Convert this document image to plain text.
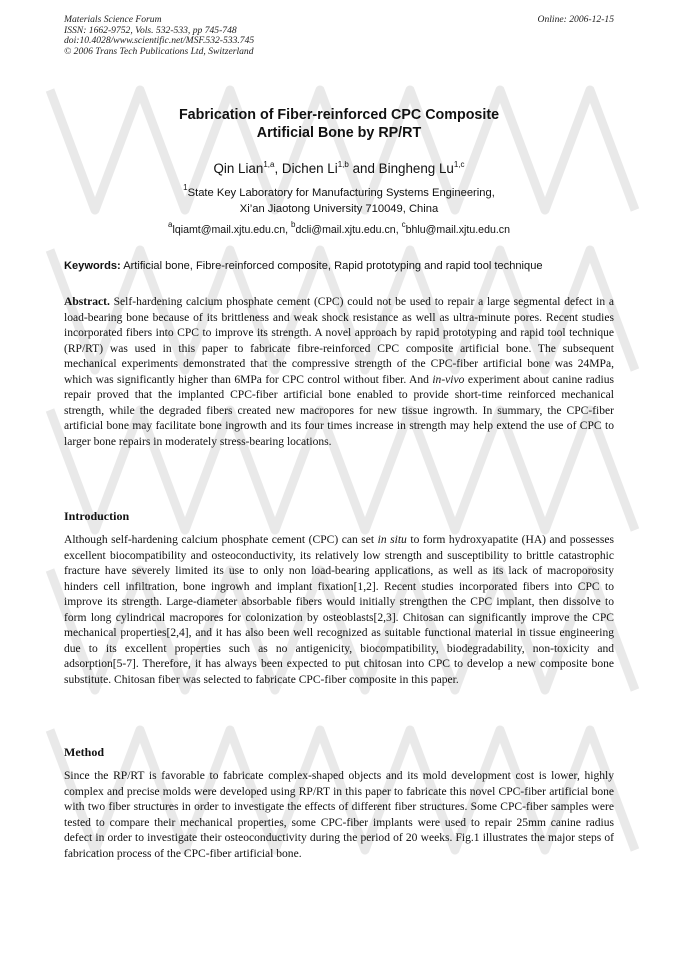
Materials Science Forum
ISSN: 1662-9752, Vols. 532-533, pp 745-748
doi:10.4028/www.scientific.net/MSF.532-533.745
© 2006 Trans Tech Publications Ltd, Switzerland
Online: 2006-12-15
Fabrication of Fiber-reinforced CPC Composite
Artificial Bone by RP/RT
Qin Lian$^{1,a}$, Dichen Li$^{1,b}$ and Bingheng Lu$^{1,c}$
$^1$State Key Laboratory for Manufacturing Systems Engineering,
Xi’an Jiaotong University 710049, China
$^a$lqiamt@mail.xjtu.edu.cn, $^b$dcli@mail.xjtu.edu.cn, $^c$bhlu@mail.xjtu.edu.cn
Keywords: Artificial bone, Fibre-reinforced composite, Rapid prototyping and rapid tool technique
Abstract. Self-hardening calcium phosphate cement (CPC) could not be used to repair a large segmental defect in a load-bearing bone because of its brittleness and weak shock resistance as well as ultra-minute pores. Recent studies incorporated fibers into CPC to improve its strength. A novel approach by rapid prototyping and rapid tool technique (RP/RT) was used in this paper to fabricate fibre-reinforced CPC composite artificial bone. The subsequent mechanical experiments demonstrated that the compressive strength of the CPC-fiber artificial bone was 24MPa, which was significantly higher than 6MPa for CPC control without fiber. And in-vivo experiment about canine radius repair proved that the implanted CPC-fiber artificial bone enabled to provide short-time reinforced mechanical strength, while the degraded fibers created new macropores for new tissue ingrowth. In summary, the CPC-fiber artificial bone may facilitate bone ingrowth and its four times increase in strength may help extend the use of CPC to larger bone repairs in moderately stress-bearing locations.
Introduction
Although self-hardening calcium phosphate cement (CPC) can set in situ to form hydroxyapatite (HA) and possesses excellent biocompatibility and osteoconductivity, its relatively low strength and susceptibility to brittle catastrophic fracture have severely limited its use to only non load-bearing applications, as well as its lack of macroporosity hinders cell infiltration, bone ingrowh and implant fixation[1,2]. Recent studies incorporated fibers into CPC to improve its strength. Large-diameter absorbable fibers would initially strengthen the CPC implant, then dissolve to form long cylindrical macropores for colonization by osteoblasts[2,3]. Chitosan can significantly improve the CPC mechanical properties[2,4], and it has also been well recognized as suitable functional material in tissue engineering due to its excellent properties such as no antigenicity, biocompatibility, biodegradability, non-toxicity and adsorption[5-7]. Therefore, it has always been expected to put chitosan into CPC to develop a new composite bone substitute. Chitosan fiber was selected to fabricate CPC-fiber composite in this paper.
Method
Since the RP/RT is favorable to fabricate complex-shaped objects and its mold development cost is lower, highly complex and precise molds were developed using RP/RT in this paper to fabricate this novel CPC-fiber artificial bone with two fiber structures in order to investigate the effects of different fiber structures. Some CPC-fiber samples were tested to compare their mechanical properties, some CPC-fiber implants were used to repair 25mm canine radius defect in order to investigate their osteoconductivity during the period of 20 weeks. Fig.1 illustrates the major steps of fabrication process of the CPC-fiber artificial bone.
